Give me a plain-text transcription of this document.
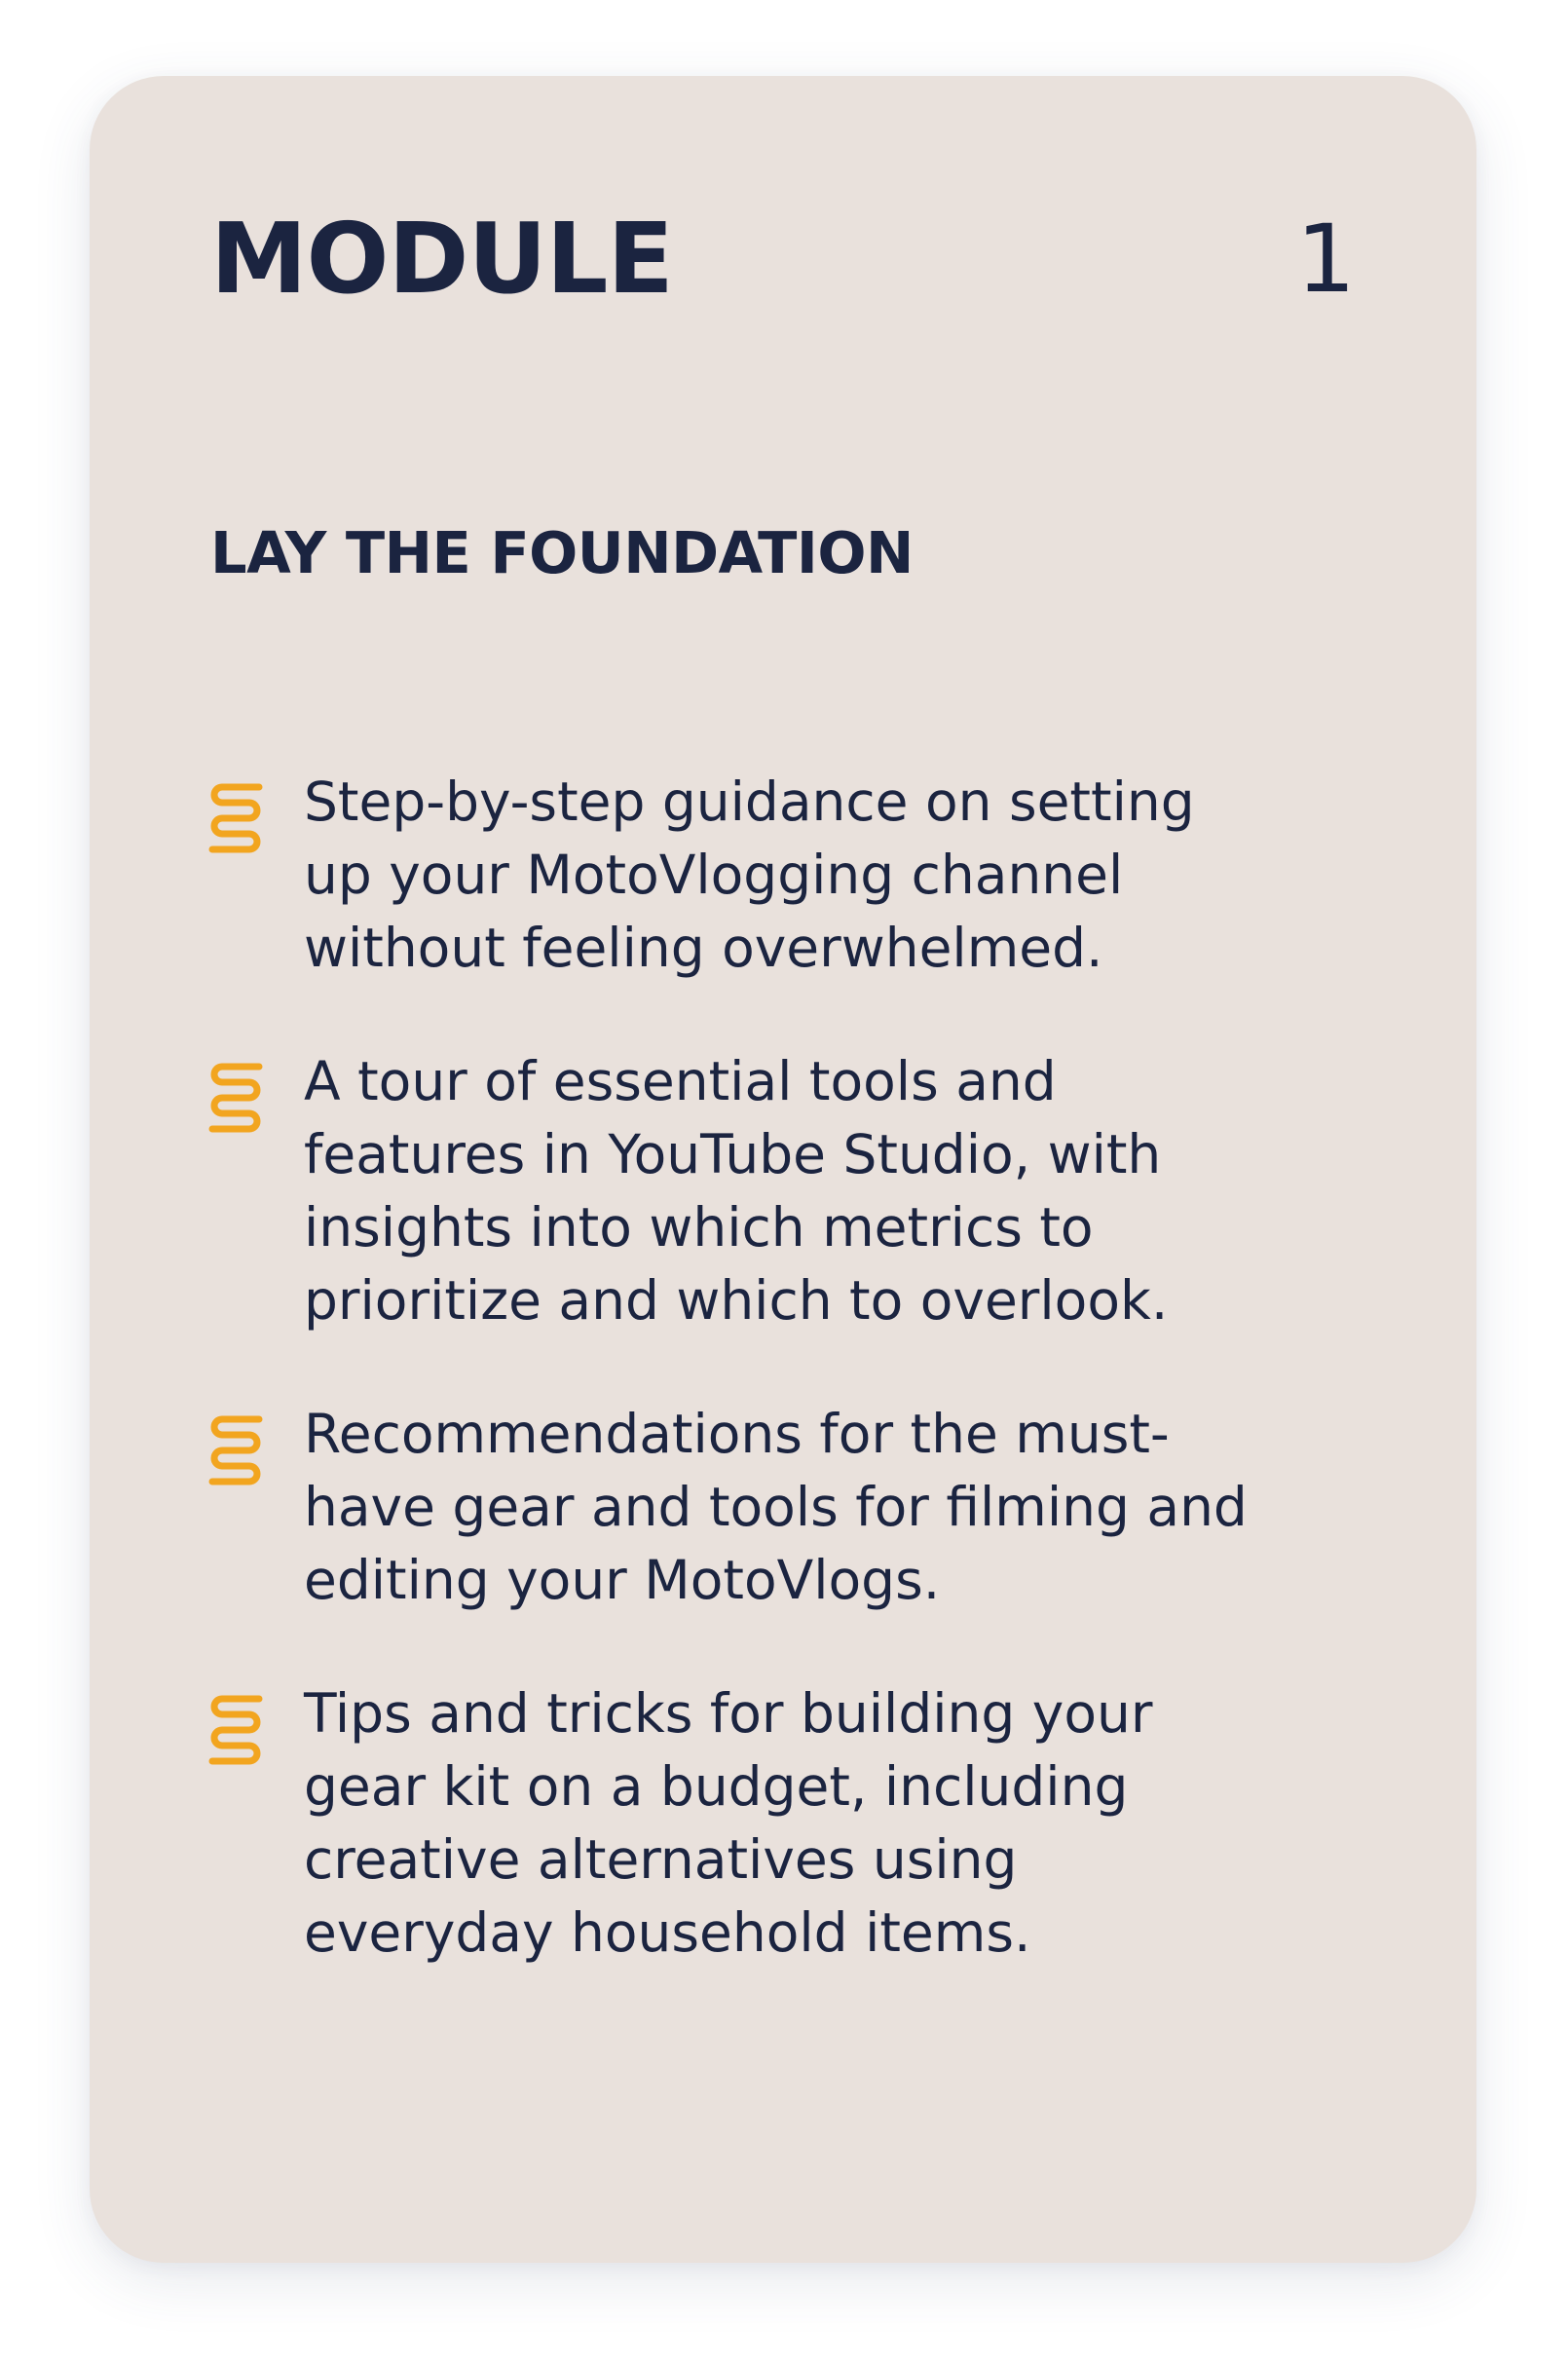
MODULE	1
LAY THE FOUNDATION

Step-by-step guidance on setting
up your MotoVlogging channel
without feeling overwhelmed.

A tour of essential tools and
features in YouTube Studio, with
insights into which metrics to
prioritize and which to overlook.

Recommendations for the must-
have gear and tools for filming and
editing your MotoVlogs.

Tips and tricks for building your
gear kit on a budget, including
creative alternatives using
everyday household items.
